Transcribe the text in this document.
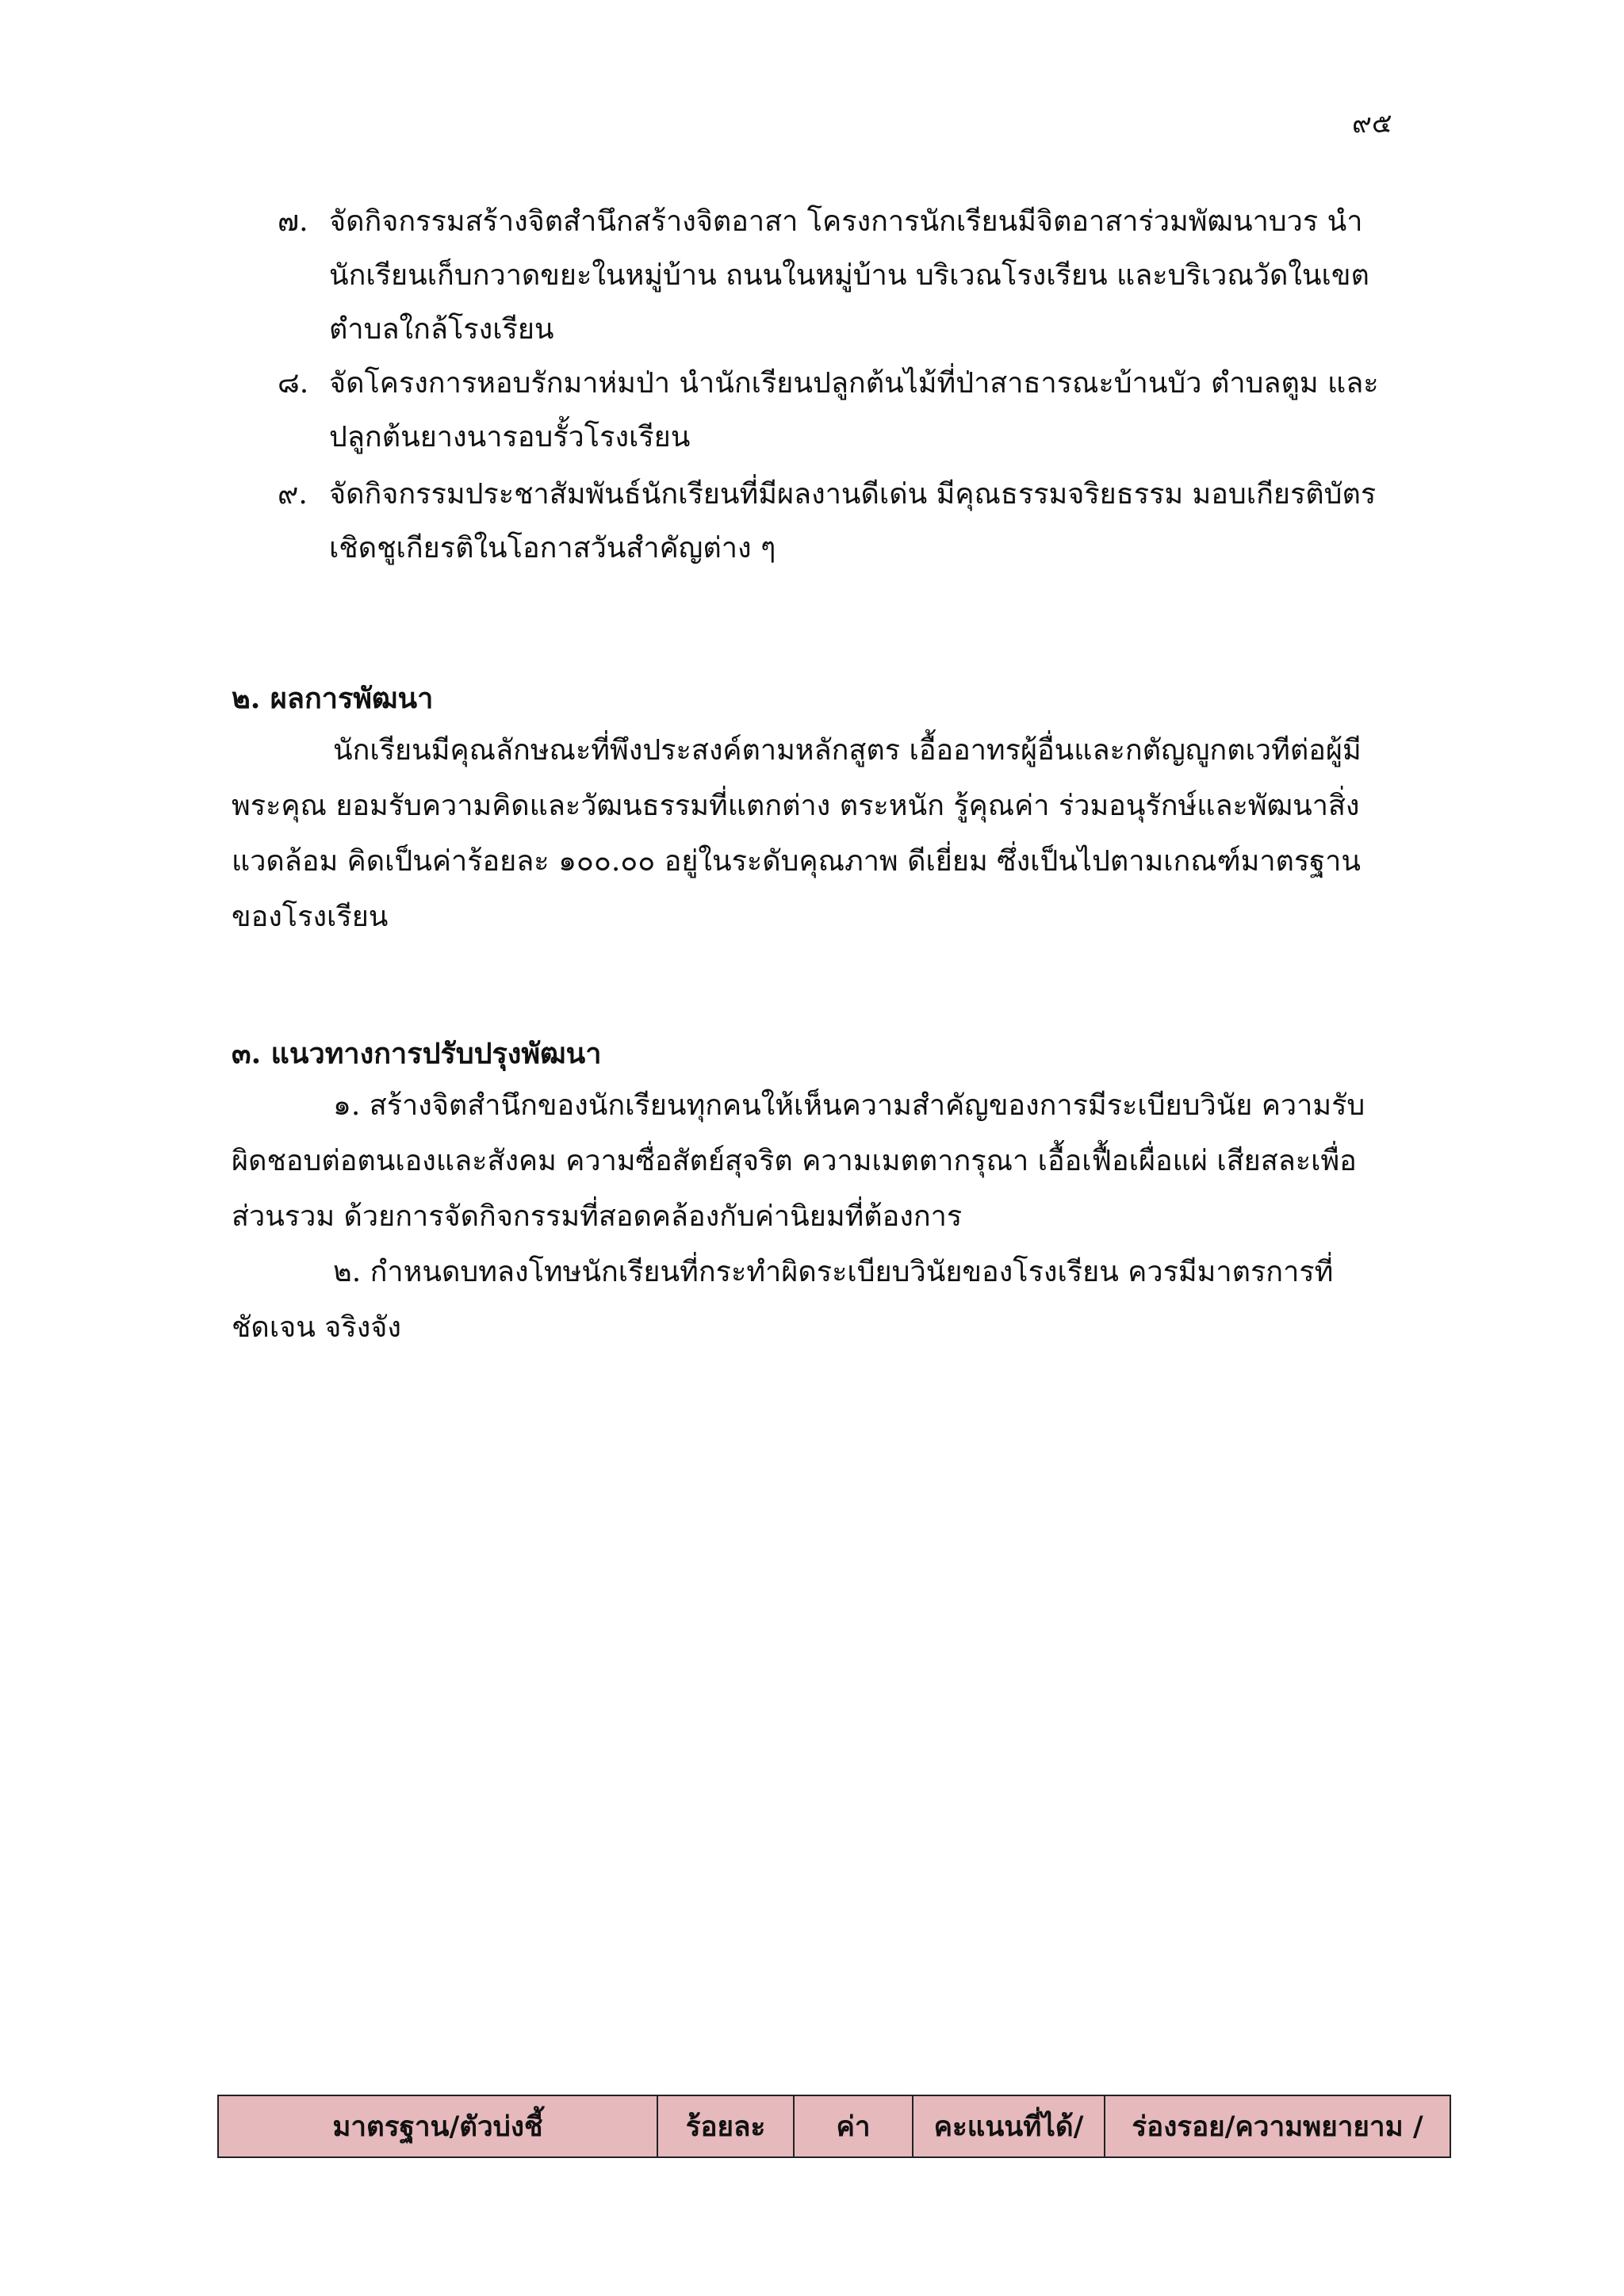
๙๕
๗. จัดกิจกรรมสร้างจิตสำนึกสร้างจิตอาสา โครงการนักเรียนมีจิตอาสาร่วมพัฒนาบวร นำนักเรียนเก็บกวาดขยะในหมู่บ้าน ถนนในหมู่บ้าน บริเวณโรงเรียน และบริเวณวัดในเขตตำบลใกล้โรงเรียน
๘. จัดโครงการหอบรักมาห่มป่า นำนักเรียนปลูกต้นไม้ที่ป่าสาธารณะบ้านบัว ตำบลตูม และปลูกต้นยางนารอบรั้วโรงเรียน
๙. จัดกิจกรรมประชาสัมพันธ์นักเรียนที่มีผลงานดีเด่น มีคุณธรรมจริยธรรม มอบเกียรติบัตรเชิดชูเกียรติในโอกาสวันสำคัญต่าง ๆ
๒. ผลการพัฒนา

นักเรียนมีคุณลักษณะที่พึงประสงค์ตามหลักสูตร เอื้ออาทรผู้อื่นและกตัญญูกตเวทีต่อผู้มีพระคุณ ยอมรับความคิดและวัฒนธรรมที่แตกต่าง ตระหนัก รู้คุณค่า ร่วมอนุรักษ์และพัฒนาสิ่งแวดล้อม คิดเป็นค่าร้อยละ ๑๐๐.๐๐ อยู่ในระดับคุณภาพ ดีเยี่ยม ซึ่งเป็นไปตามเกณฑ์มาตรฐานของโรงเรียน

๓. แนวทางการปรับปรุงพัฒนา

๑. สร้างจิตสำนึกของนักเรียนทุกคนให้เห็นความสำคัญของการมีระเบียบวินัย ความรับผิดชอบต่อตนเองและสังคม ความซื่อสัตย์สุจริต ความเมตตากรุณา เอื้อเฟื้อเผื่อแผ่ เสียสละเพื่อส่วนรวม ด้วยการจัดกิจกรรมที่สอดคล้องกับค่านิยมที่ต้องการ

๒. กำหนดบทลงโทษนักเรียนที่กระทำผิดระเบียบวินัยของโรงเรียน ควรมีมาตรการที่ชัดเจน จริงจัง

มาตรฐาน/ตัวบ่งชี้	ร้อยละ	ค่า	คะแนนที่ได้/	ร่องรอย/ความพยายาม /
